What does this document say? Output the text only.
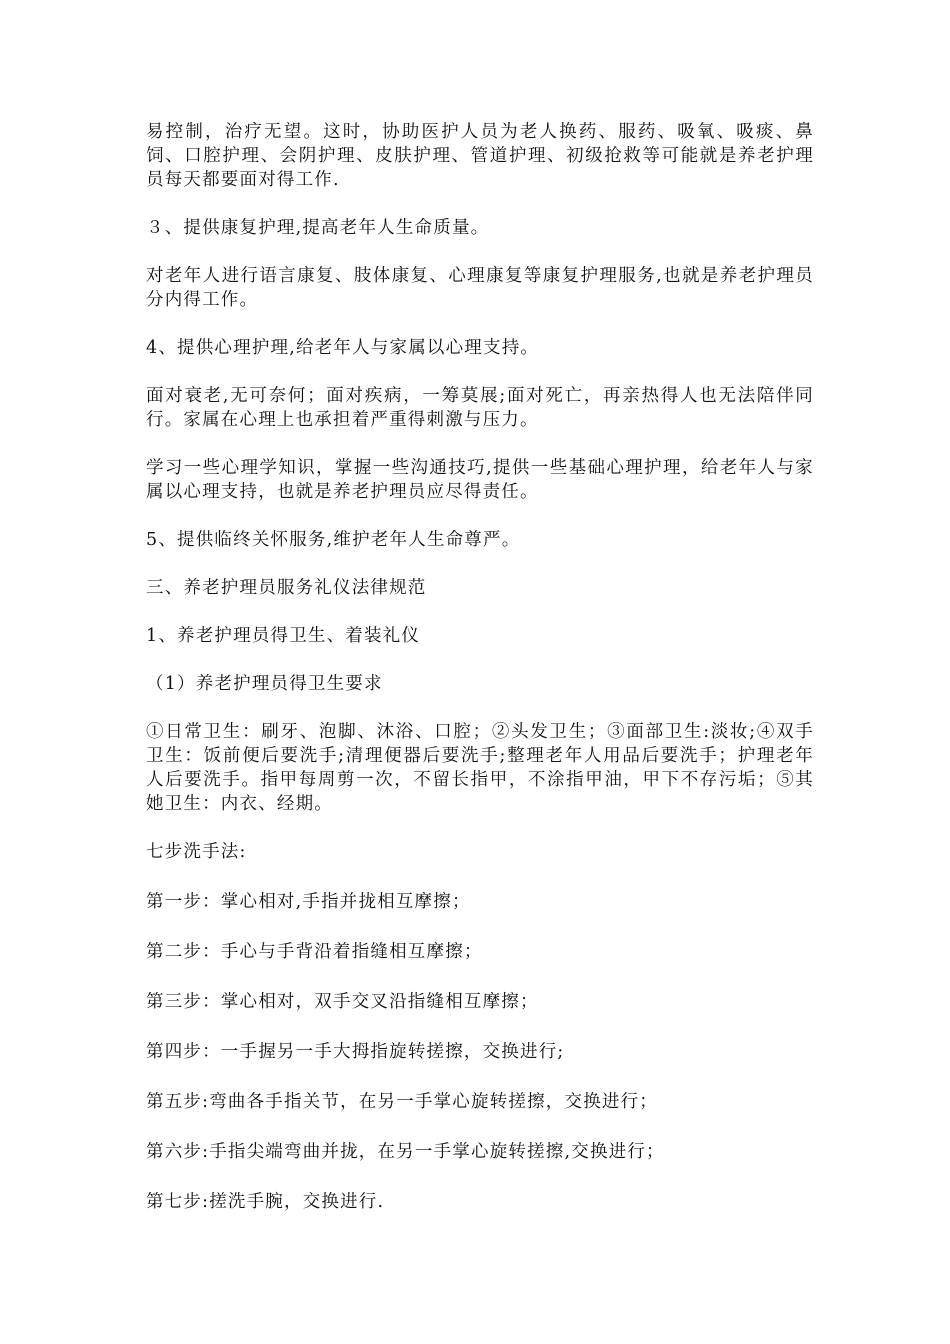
易控制，治疗无望。这时，协助医护人员为老人换药、服药、吸氧、吸痰、鼻饲、口腔护理、会阴护理、皮肤护理、管道护理、初级抢救等可能就是养老护理员每天都要面对得工作.

３、提供康复护理,提高老年人生命质量。

对老年人进行语言康复、肢体康复、心理康复等康复护理服务,也就是养老护理员分内得工作。

4、提供心理护理,给老年人与家属以心理支持。

面对衰老,无可奈何；面对疾病，一筹莫展;面对死亡，再亲热得人也无法陪伴同行。家属在心理上也承担着严重得刺激与压力。

学习一些心理学知识，掌握一些沟通技巧,提供一些基础心理护理，给老年人与家属以心理支持，也就是养老护理员应尽得责任。

5、提供临终关怀服务,维护老年人生命尊严。

三、养老护理员服务礼仪法律规范

1、养老护理员得卫生、着装礼仪

（1）养老护理员得卫生要求

①日常卫生：刷牙、泡脚、沐浴、口腔；②头发卫生；③面部卫生:淡妆;④双手卫生：饭前便后要洗手;清理便器后要洗手;整理老年人用品后要洗手；护理老年人后要洗手。指甲每周剪一次，不留长指甲，不涂指甲油，甲下不存污垢；⑤其她卫生：内衣、经期。

七步洗手法:

第一步：掌心相对,手指并拢相互摩擦；

第二步：手心与手背沿着指缝相互摩擦；

第三步：掌心相对，双手交叉沿指缝相互摩擦；

第四步：一手握另一手大拇指旋转搓擦，交换进行;

第五步:弯曲各手指关节，在另一手掌心旋转搓擦，交换进行；

第六步:手指尖端弯曲并拢，在另一手掌心旋转搓擦,交换进行；

第七步:搓洗手腕，交换进行.
